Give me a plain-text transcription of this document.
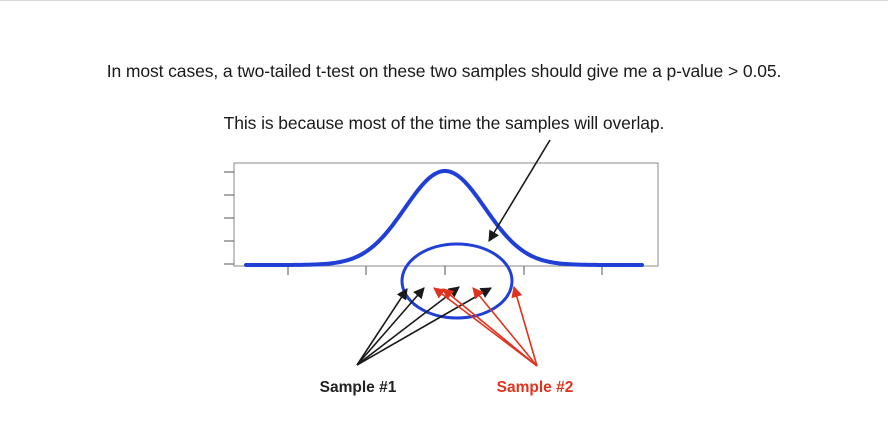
In most cases, a two-tailed t-test on these two samples should give me a p-value > 0.05.
This is because most of the time the samples will overlap.
Sample #1	Sample #2
